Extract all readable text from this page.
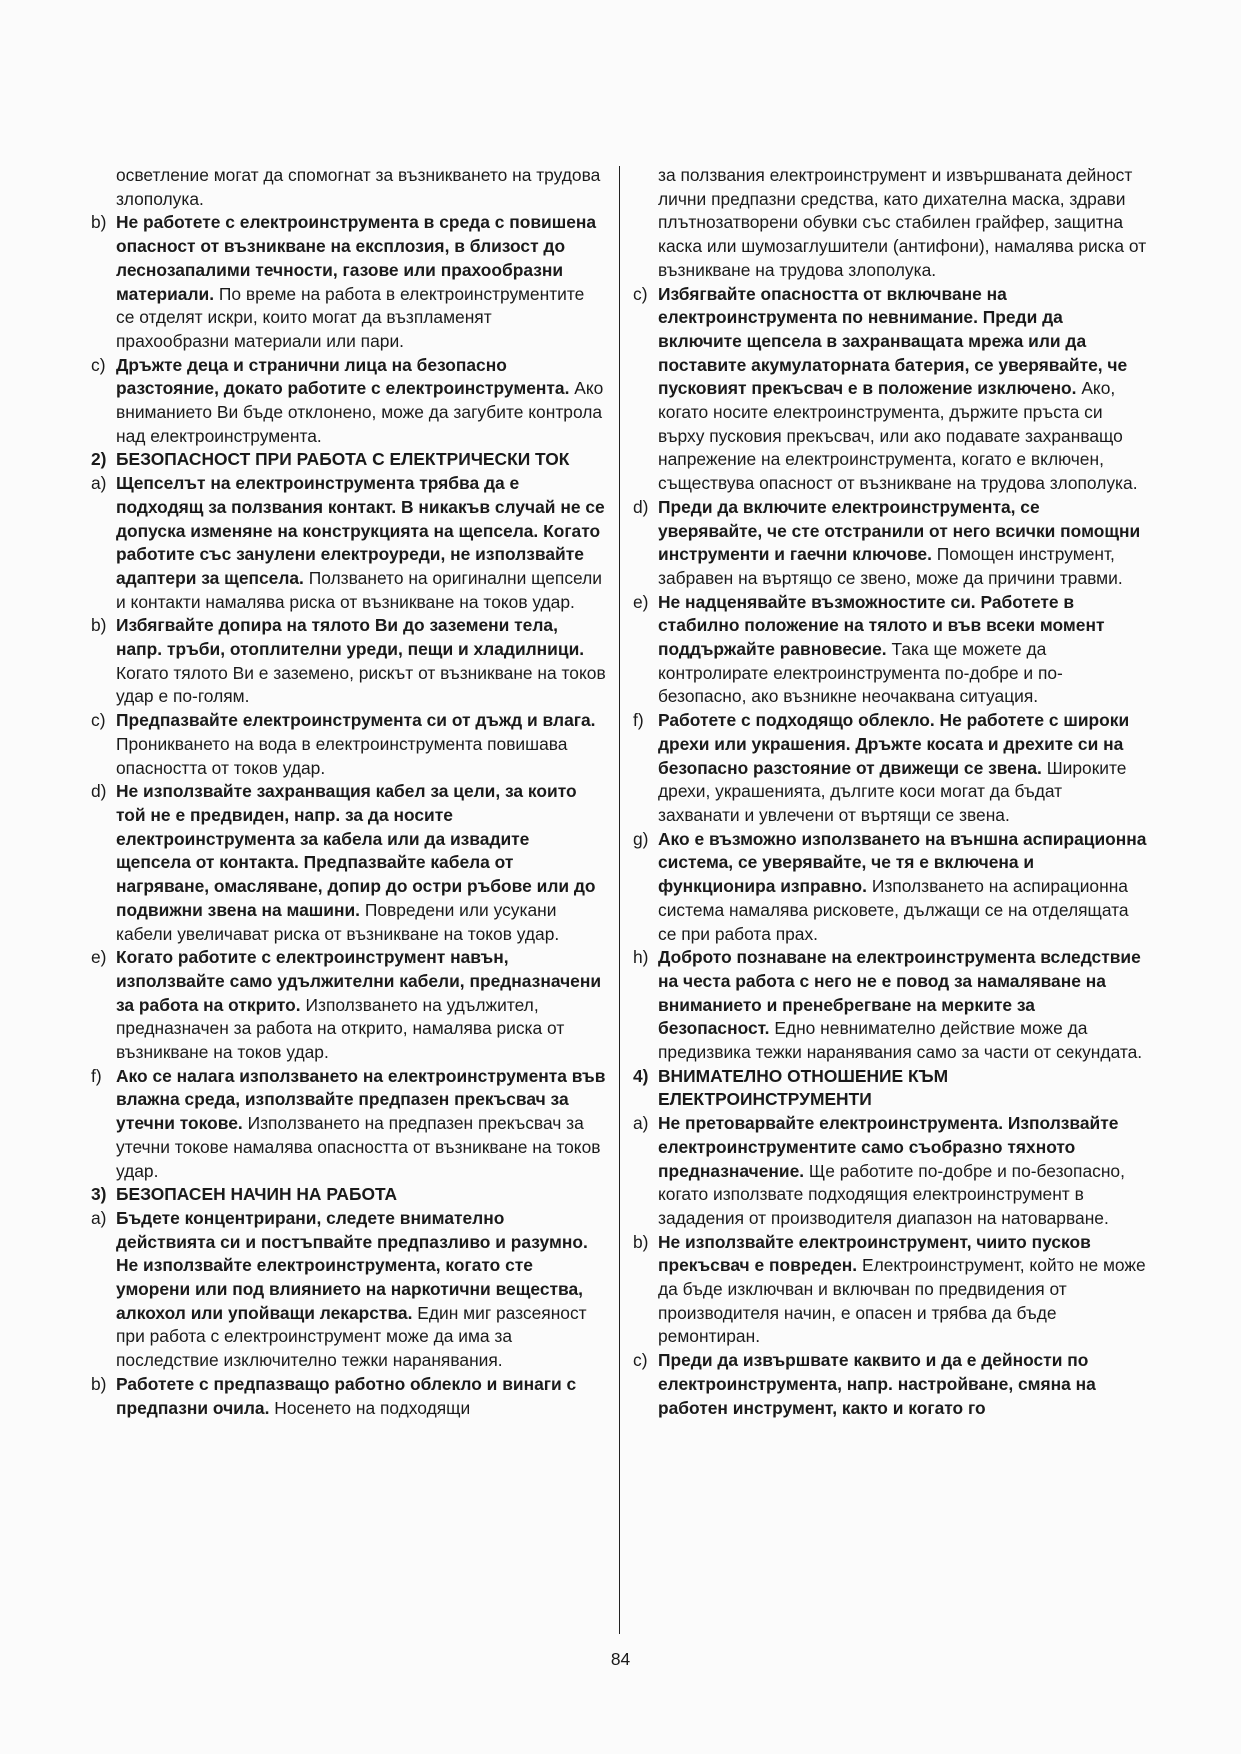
осветление могат да спомогнат за възникването на трудова злополука.

b) Не работете с електроинструмента в среда с повишена опасност от възникване на експлозия, в близост до леснозапалими течности, газове или прахообразни материали. По време на работа в електроинструментите се отделят искри, които могат да възпламенят прахообразни материали или пари.

c) Дръжте деца и странични лица на безопасно разстояние, докато работите с електроинструмента. Ако вниманието Ви бъде отклонено, може да загубите контрола над електроинструмента.

2) БЕЗОПАСНОСТ ПРИ РАБОТА С ЕЛЕКТРИЧЕСКИ ТОК

a) Щепселът на електроинструмента трябва да е подходящ за ползвания контакт. В никакъв случай не се допуска изменяне на конструкцията на щепсела. Когато работите със занулени електроуреди, не използвайте адаптери за щепсела. Ползването на оригинални щепсели и контакти намалява риска от възникване на токов удар.

b) Избягвайте допира на тялото Ви до заземени тела, напр. тръби, отоплителни уреди, пещи и хладилници. Когато тялото Ви е заземено, рискът от възникване на токов удар е по-голям.

c) Предпазвайте електроинструмента си от дъжд и влага. Проникването на вода в електроинструмента повишава опасността от токов удар.

d) Не използвайте захранващия кабел за цели, за които той не е предвиден, напр. за да носите електроинструмента за кабела или да извадите щепсела от контакта. Предпазвайте кабела от нагряване, омасляване, допир до остри ръбове или до подвижни звена на машини. Повредени или усукани кабели увеличават риска от възникване на токов удар.

e) Когато работите с електроинструмент навън, използвайте само удължителни кабели, предназначени за работа на открито. Използването на удължител, предназначен за работа на открито, намалява риска от възникване на токов удар.

f) Ако се налага използването на електроинструмента във влажна среда, използвайте предпазен прекъсвач за утечни токове. Използването на предпазен прекъсвач за утечни токове намалява опасността от възникване на токов удар.

3) БЕЗОПАСЕН НАЧИН НА РАБОТА

a) Бъдете концентрирани, следете внимателно действията си и постъпвайте предпазливо и разумно. Не използвайте електроинструмента, когато сте уморени или под влиянието на наркотични вещества, алкохол или упойващи лекарства. Един миг разсеяност при работа с електроинструмент може да има за последствие изключително тежки наранявания.

b) Работете с предпазващо работно облекло и винаги с предпазни очила. Носенето на подходящи

за ползвания електроинструмент и извършваната дейност лични предпазни средства, като дихателна маска, здрави плътнозатворени обувки със стабилен грайфер, защитна каска или шумозаглушители (антифони), намалява риска от възникване на трудова злополука.

c) Избягвайте опасността от включване на електроинструмента по невнимание. Преди да включите щепсела в захранващата мрежа или да поставите акумулаторната батерия, се уверявайте, че пусковият прекъсвач е в положение изключено. Ако, когато носите електроинструмента, държите пръста си върху пусковия прекъсвач, или ако подавате захранващо напрежение на електроинструмента, когато е включен, съществува опасност от възникване на трудова злополука.

d) Преди да включите електроинструмента, се уверявайте, че сте отстранили от него всички помощни инструменти и гаечни ключове. Помощен инструмент, забравен на въртящо се звено, може да причини травми.

e) Не надценявайте възможностите си. Работете в стабилно положение на тялото и във всеки момент поддържайте равновесие. Така ще можете да контролирате електроинструмента по-добре и по-безопасно, ако възникне неочаквана ситуация.

f) Работете с подходящо облекло. Не работете с широки дрехи или украшения. Дръжте косата и дрехите си на безопасно разстояние от движещи се звена. Широките дрехи, украшенията, дългите коси могат да бъдат захванати и увлечени от въртящи се звена.

g) Ако е възможно използването на външна аспирационна система, се уверявайте, че тя е включена и функционира изправно. Използването на аспирационна система намалява рисковете, дължащи се на отделящата се при работа прах.

h) Доброто познаване на електроинструмента вследствие на честа работа с него не е повод за намаляване на вниманието и пренебрегване на мерките за безопасност. Едно невнимателно действие може да предизвика тежки наранявания само за части от секундата.

4) ВНИМАТЕЛНО ОТНОШЕНИЕ КЪМ ЕЛЕКТРОИНСТРУМЕНТИ

a) Не претоварвайте електроинструмента. Използвайте електроинструментите само съобразно тяхното предназначение. Ще работите по-добре и по-безопасно, когато използвате подходящия електроинструмент в зададения от производителя диапазон на натоварване.

b) Не използвайте електроинструмент, чиито пусков прекъсвач е повреден. Електроинструмент, който не може да бъде изключван и включван по предвидения от производителя начин, е опасен и трябва да бъде ремонтиран.

c) Преди да извършвате каквито и да е дейности по електроинструмента, напр. настройване, смяна на работен инструмент, както и когато го

84
